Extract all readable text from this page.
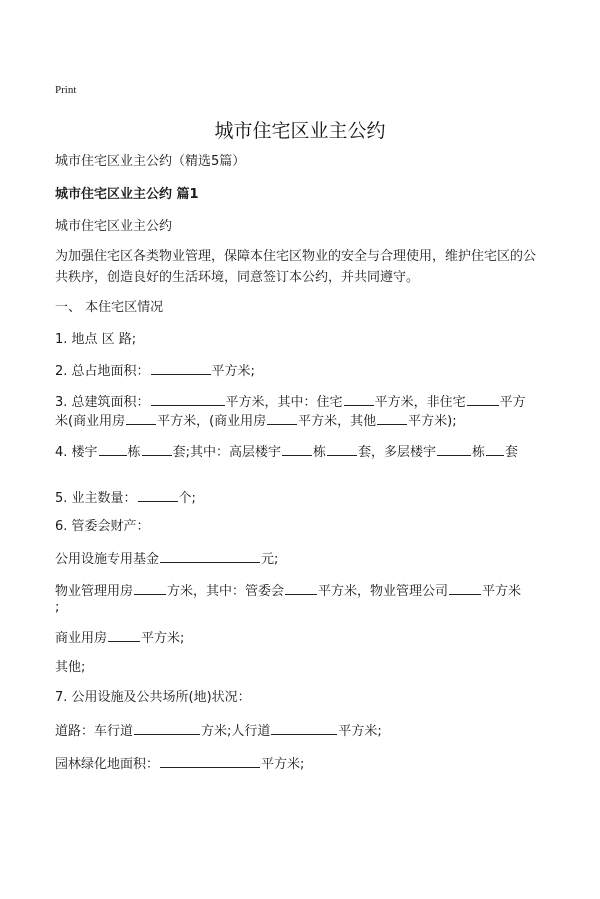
Print
城市住宅区业主公约
城市住宅区业主公约（精选5篇）
城市住宅区业主公约 篇1
城市住宅区业主公约
为加强住宅区各类物业管理，保障本住宅区物业的安全与合理使用，维护住宅区的公共秩序，创造良好的生活环境，同意签订本公约，并共同遵守。
一、 本住宅区情况
1. 地点 区 路;
2. 总占地面积：	平方米;
3. 总建筑面积：	平方米，其中：住宅 平方米，非住宅	平方
米(商业用房 平方米，(商业用房 平方米，其他 平方米);
4. 楼宇 栋 套;其中：高层楼宇 栋 套，多层楼宇	栋 套
5. 业主数量：	个;
6. 管委会财产：
公用设施专用基金	元;
物业管理用房	方米，其中：管委会	平方米，物业管理公司	平方米
;
商业用房	平方米;
其他;
7. 公用设施及公共场所(地)状况：
道路：车行道	方米;人行道	平方米;
园林绿化地面积：	平方米;
